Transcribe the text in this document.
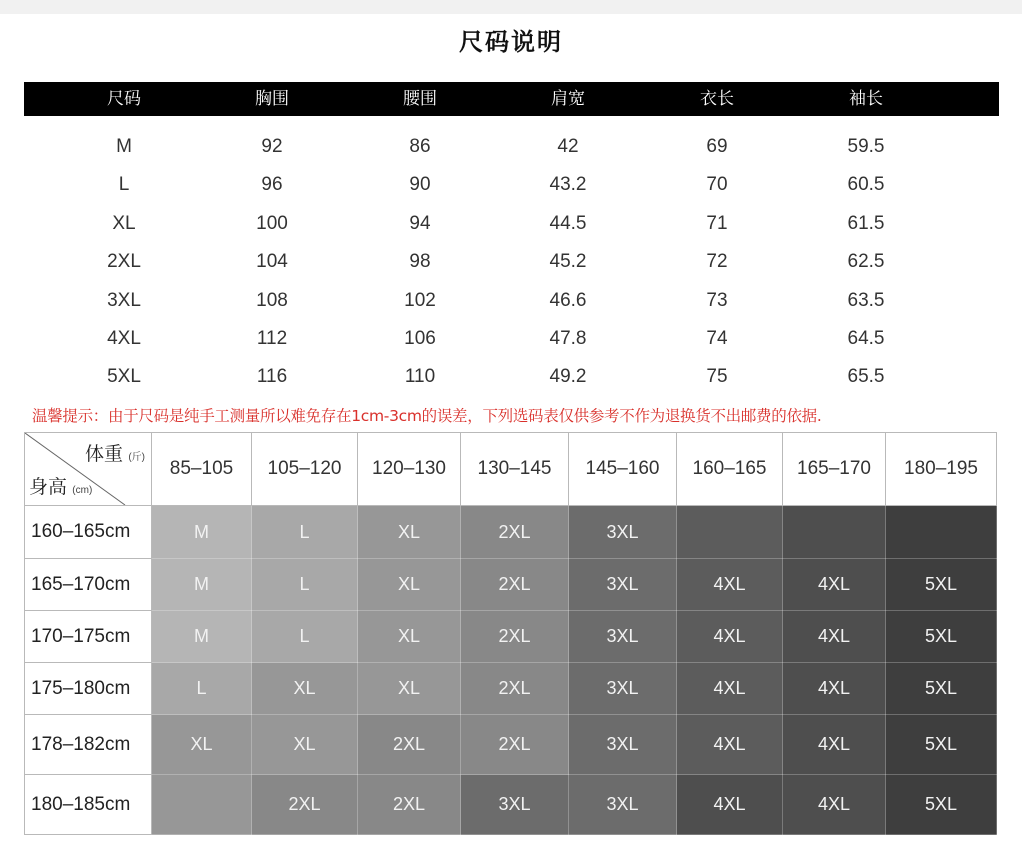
尺码说明
尺码	胸围	腰围	肩宽	衣长	袖长
M	92	86	42	69	59.5
L	96	90	43.2	70	60.5
XL	100	94	44.5	71	61.5
2XL	104	98	45.2	72	62.5
3XL	108	102	46.6	73	63.5
4XL	112	106	47.8	74	64.5
5XL	116	110	49.2	75	65.5
温馨提示：由于尺码是纯手工测量所以难免存在1cm-3cm的误差，下列选码表仅供参考不作为退换货不出邮费的依据.
体重 (斤)
身高 (cm)	85–105	105–120	120–130	130–145	145–160	160–165	165–170	180–195
160–165cm	M	L	XL	2XL	3XL			
165–170cm	M	L	XL	2XL	3XL	4XL	4XL	5XL
170–175cm	M	L	XL	2XL	3XL	4XL	4XL	5XL
175–180cm	L	XL	XL	2XL	3XL	4XL	4XL	5XL
178–182cm	XL	XL	2XL	2XL	3XL	4XL	4XL	5XL
180–185cm		2XL	2XL	3XL	3XL	4XL	4XL	5XL
